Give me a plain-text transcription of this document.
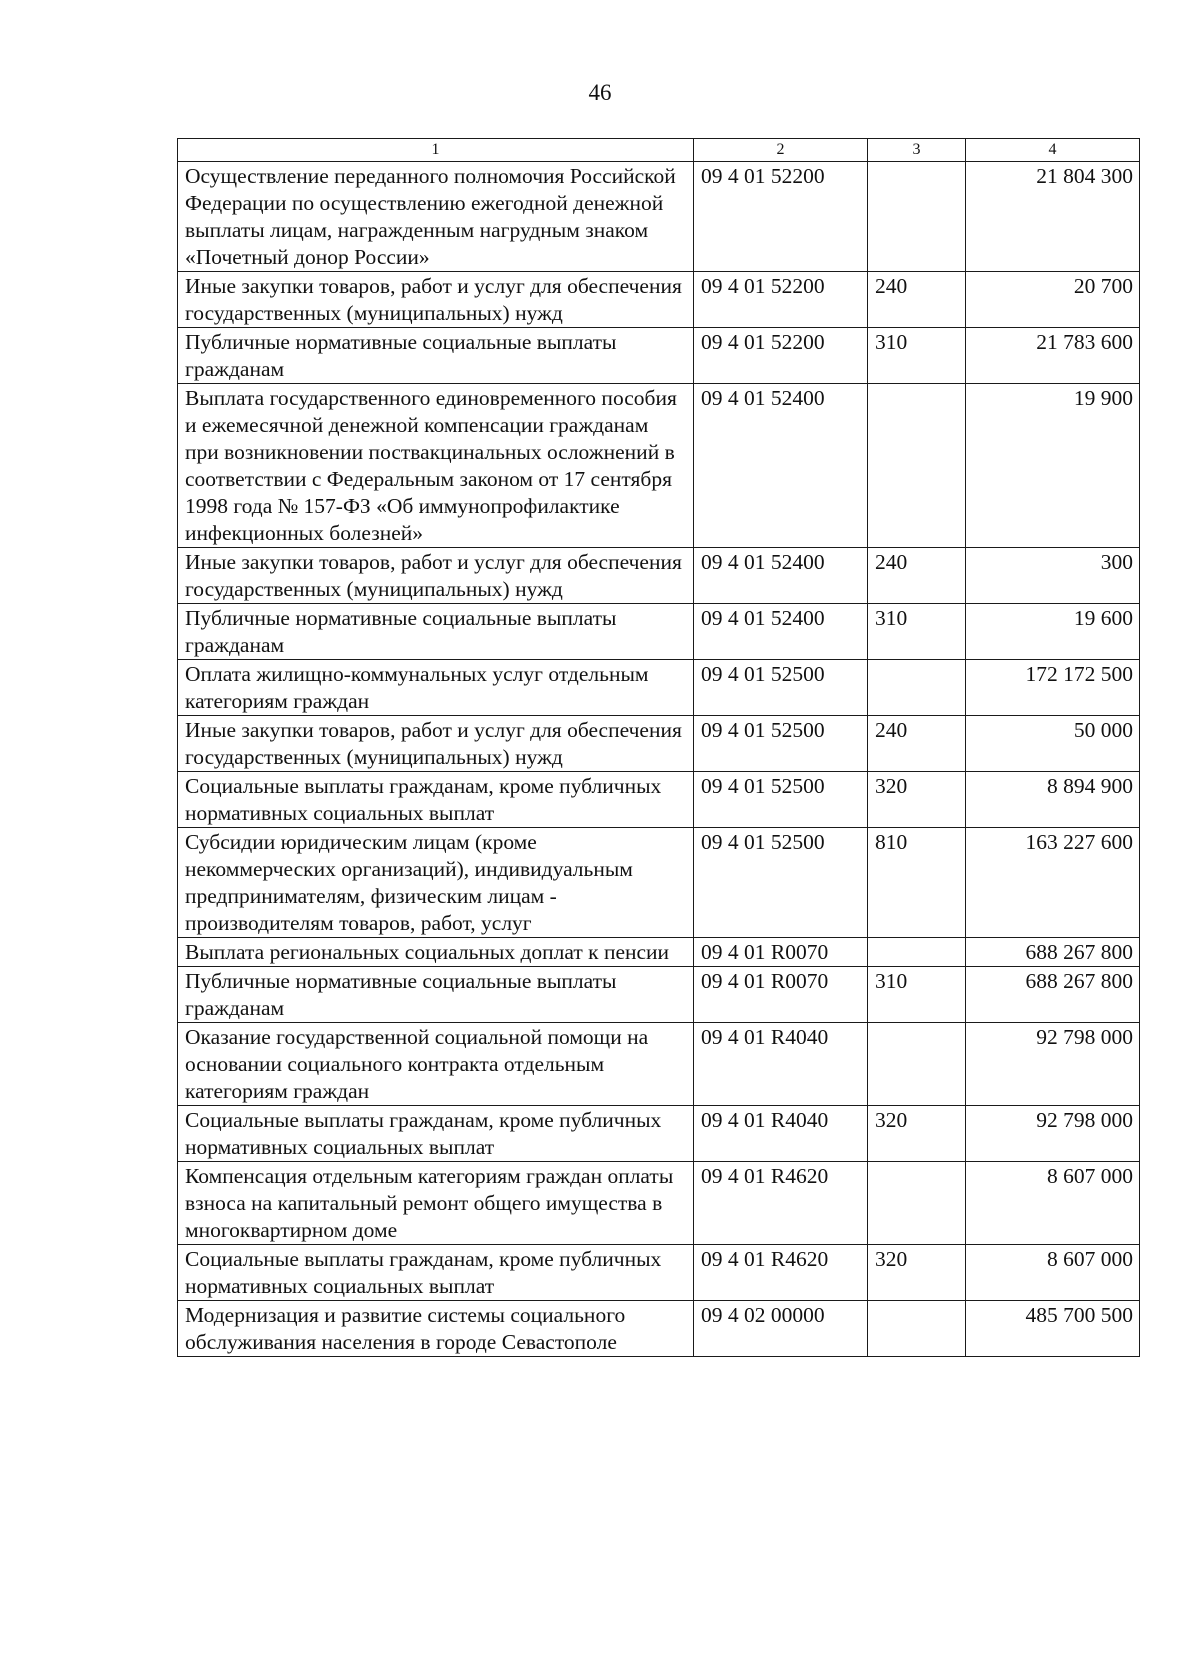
46
1	2	3	4
Осуществление переданного полномочия Российской Федерации по осуществлению ежегодной денежной выплаты лицам, награжденным нагрудным знаком «Почетный донор России»	09 4 01 52200		21 804 300
Иные закупки товаров, работ и услуг для обеспечения государственных (муниципальных) нужд	09 4 01 52200	240	20 700
Публичные нормативные социальные выплаты гражданам	09 4 01 52200	310	21 783 600
Выплата государственного единовременного пособия и ежемесячной денежной компенсации гражданам при возникновении поствакцинальных осложнений в соответствии с Федеральным законом от 17 сентября 1998 года № 157-ФЗ «Об иммунопрофилактике инфекционных болезней»	09 4 01 52400		19 900
Иные закупки товаров, работ и услуг для обеспечения государственных (муниципальных) нужд	09 4 01 52400	240	300
Публичные нормативные социальные выплаты гражданам	09 4 01 52400	310	19 600
Оплата жилищно-коммунальных услуг отдельным категориям граждан	09 4 01 52500		172 172 500
Иные закупки товаров, работ и услуг для обеспечения государственных (муниципальных) нужд	09 4 01 52500	240	50 000
Социальные выплаты гражданам, кроме публичных нормативных социальных выплат	09 4 01 52500	320	8 894 900
Субсидии юридическим лицам (кроме некоммерческих организаций), индивидуальным предпринимателям, физическим лицам - производителям товаров, работ, услуг	09 4 01 52500	810	163 227 600
Выплата региональных социальных доплат к пенсии	09 4 01 R0070		688 267 800
Публичные нормативные социальные выплаты гражданам	09 4 01 R0070	310	688 267 800
Оказание государственной социальной помощи на основании социального контракта отдельным категориям граждан	09 4 01 R4040		92 798 000
Социальные выплаты гражданам, кроме публичных нормативных социальных выплат	09 4 01 R4040	320	92 798 000
Компенсация отдельным категориям граждан оплаты взноса на капитальный ремонт общего имущества в многоквартирном доме	09 4 01 R4620		8 607 000
Социальные выплаты гражданам, кроме публичных нормативных социальных выплат	09 4 01 R4620	320	8 607 000
Модернизация и развитие системы социального обслуживания населения в городе Севастополе	09 4 02 00000		485 700 500
